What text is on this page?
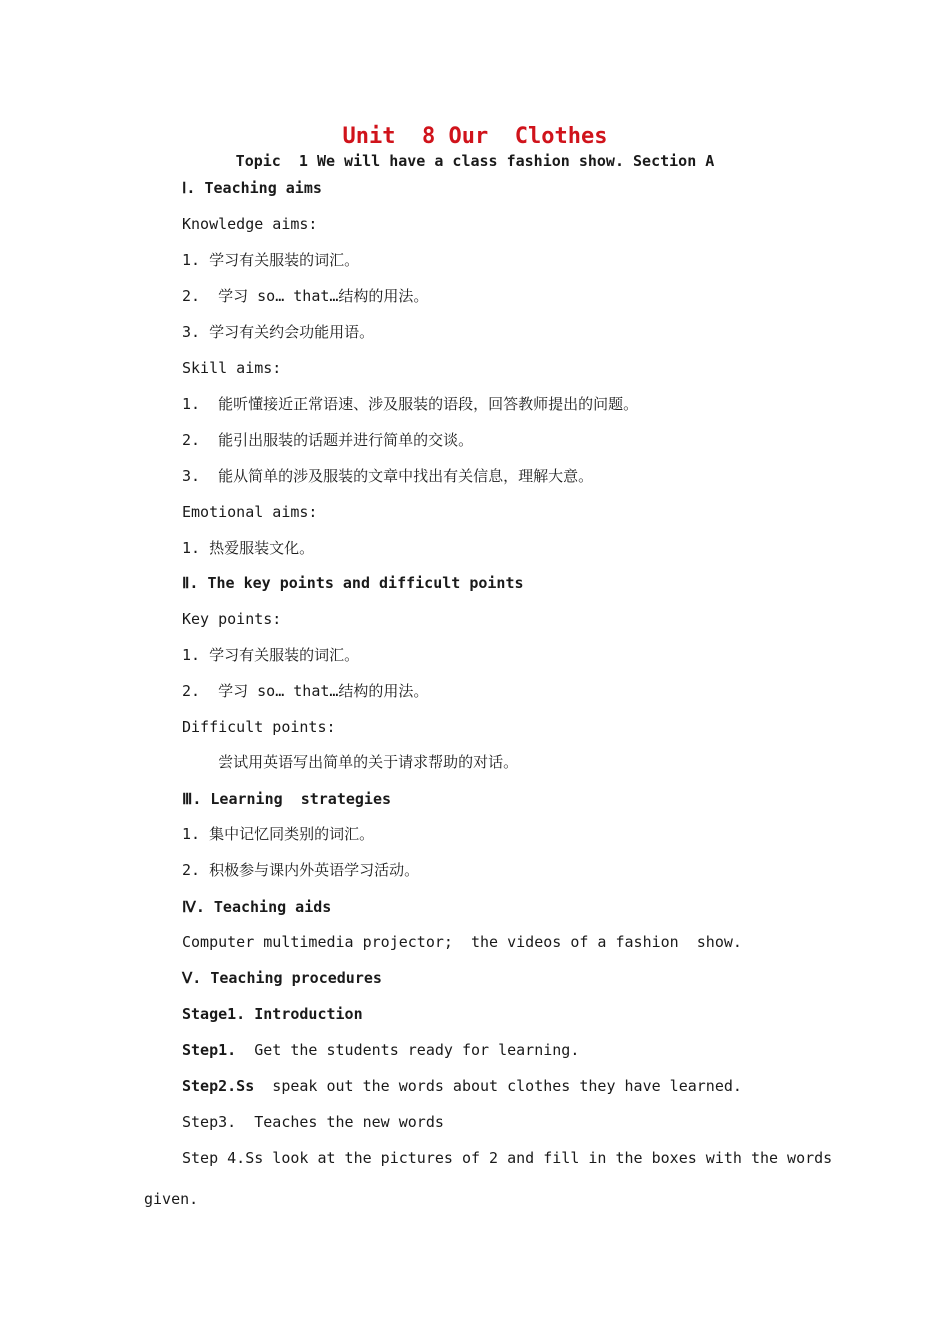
Unit  8 Our  Clothes
Topic  1 We will have a class fashion show. Section A
Ⅰ. Teaching aims
Knowledge aims:
1. 学习有关服装的词汇。
2.  学习 so… that…结构的用法。
3. 学习有关约会功能用语。
Skill aims:
1.  能听懂接近正常语速、涉及服装的语段，回答教师提出的问题。
2.  能引出服装的话题并进行简单的交谈。
3.  能从简单的涉及服装的文章中找出有关信息，理解大意。
Emotional aims:
1. 热爱服装文化。
Ⅱ. The key points and difficult points
Key points:
1. 学习有关服装的词汇。
2.  学习 so… that…结构的用法。
Difficult points:
尝试用英语写出简单的关于请求帮助的对话。
Ⅲ. Learning  strategies
1. 集中记忆同类别的词汇。
2. 积极参与课内外英语学习活动。
Ⅳ. Teaching aids
Computer multimedia projector;  the videos of a fashion  show.
Ⅴ. Teaching procedures
Stage1. Introduction
Step1.  Get the students ready for learning.
Step2.Ss  speak out the words about clothes they have learned.
Step3.  Teaches the new words
Step 4.Ss look at the pictures of 2 and fill in the boxes with the words
given.
